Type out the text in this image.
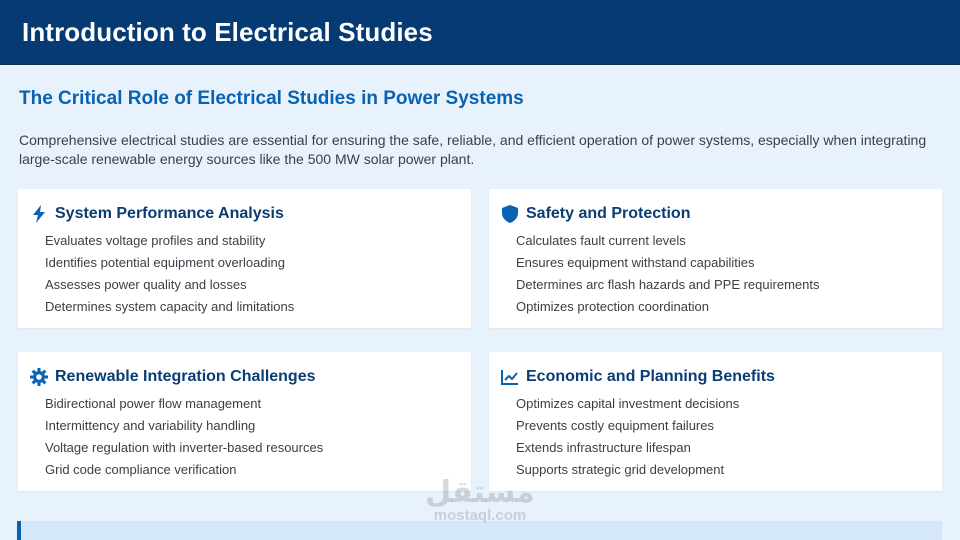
Introduction to Electrical Studies
The Critical Role of Electrical Studies in Power Systems

Comprehensive electrical studies are essential for ensuring the safe, reliable, and efficient operation of power systems, especially when integrating large-scale renewable energy sources like the 500 MW solar power plant.

System Performance Analysis
Evaluates voltage profiles and stability
Identifies potential equipment overloading
Assesses power quality and losses
Determines system capacity and limitations
Safety and Protection
Calculates fault current levels
Ensures equipment withstand capabilities
Determines arc flash hazards and PPE requirements
Optimizes protection coordination
Renewable Integration Challenges
Bidirectional power flow management
Intermittency and variability handling
Voltage regulation with inverter-based resources
Grid code compliance verification
Economic and Planning Benefits
Optimizes capital investment decisions
Prevents costly equipment failures
Extends infrastructure lifespan
Supports strategic grid development
مستقل
mostaql.com
